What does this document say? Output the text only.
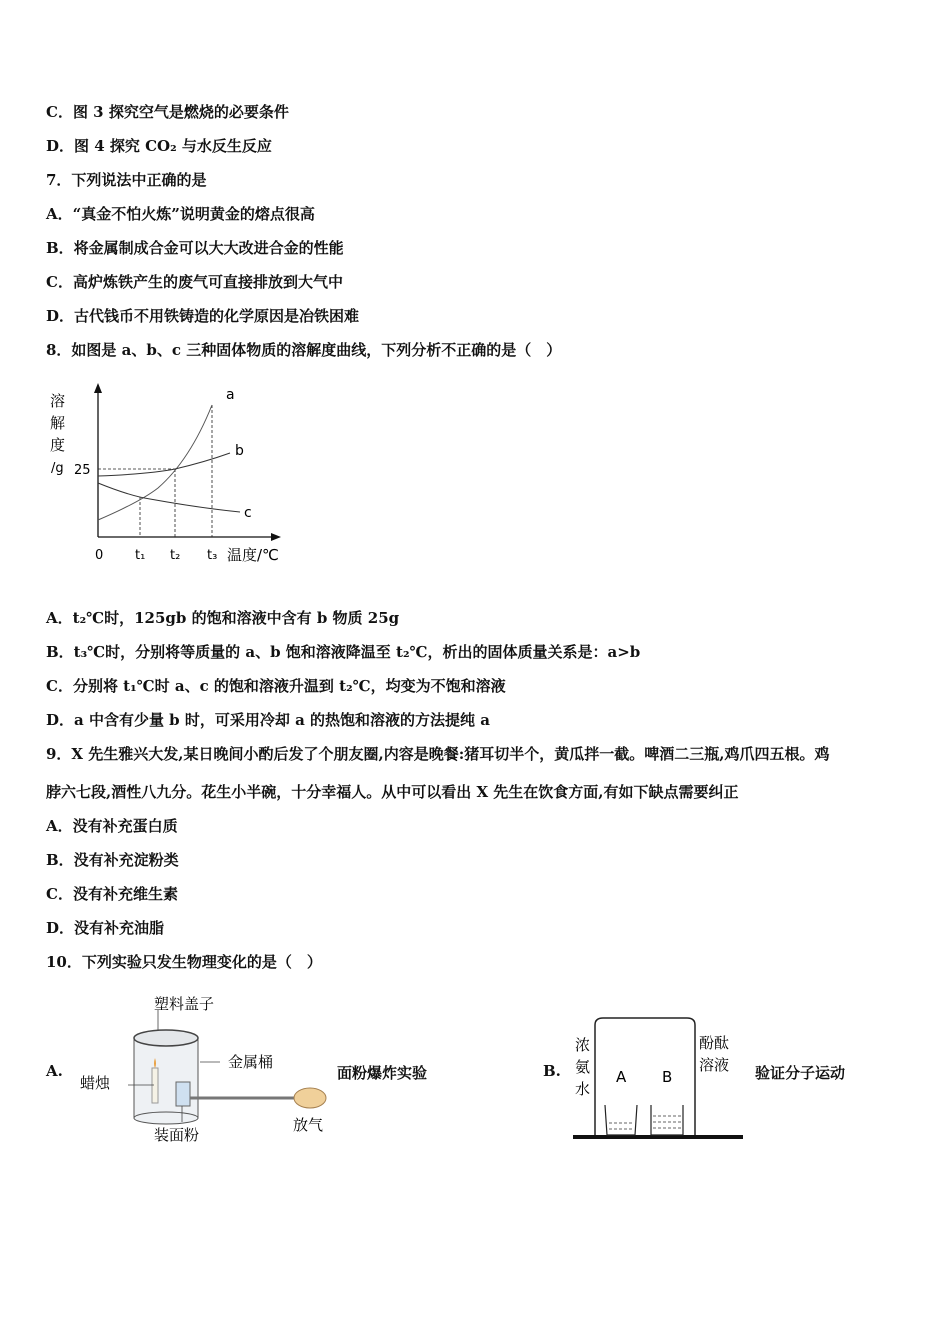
C．图 3 探究空气是燃烧的必要条件
D．图 4 探究 CO₂ 与水反生反应
7．下列说法中正确的是
A．“真金不怕火炼”说明黄金的熔点很高
B．将金属制成合金可以大大改进合金的性能
C．高炉炼铁产生的废气可直接排放到大气中
D．古代钱币不用铁铸造的化学原因是冶铁困难
8．如图是 a、b、c 三种固体物质的溶解度曲线，下列分析不正确的是（　）
溶
解
度
/g 25
0 t₁ t₂ t₃ 温度/℃
a
b
c
A．t₂℃时，125gb 的饱和溶液中含有 b 物质 25g
B．t₃℃时，分别将等质量的 a、b 饱和溶液降温至 t₂℃，析出的固体质量关系是：a>b
C．分别将 t₁℃时 a、c 的饱和溶液升温到 t₂℃，均变为不饱和溶液
D．a 中含有少量 b 时，可采用冷却 a 的热饱和溶液的方法提纯 a
9．X 先生雅兴大发,某日晚间小酌后发了个朋友圈,内容是晚餐:猪耳切半个，黄瓜拌一截。啤酒二三瓶,鸡爪四五根。鸡
脖六七段,酒性八九分。花生小半碗，十分幸福人。从中可以看出 X 先生在饮食方面,有如下缺点需要纠正
A．没有补充蛋白质
B．没有补充淀粉类
C．没有补充维生素
D．没有补充油脂
10．下列实验只发生物理变化的是（　）
A.
塑料盖子
金属桶
蜡烛
装面粉
放气
面粉爆炸实验	B.
浓
氨
水
A B
酚酞
溶液 验证分子运动
